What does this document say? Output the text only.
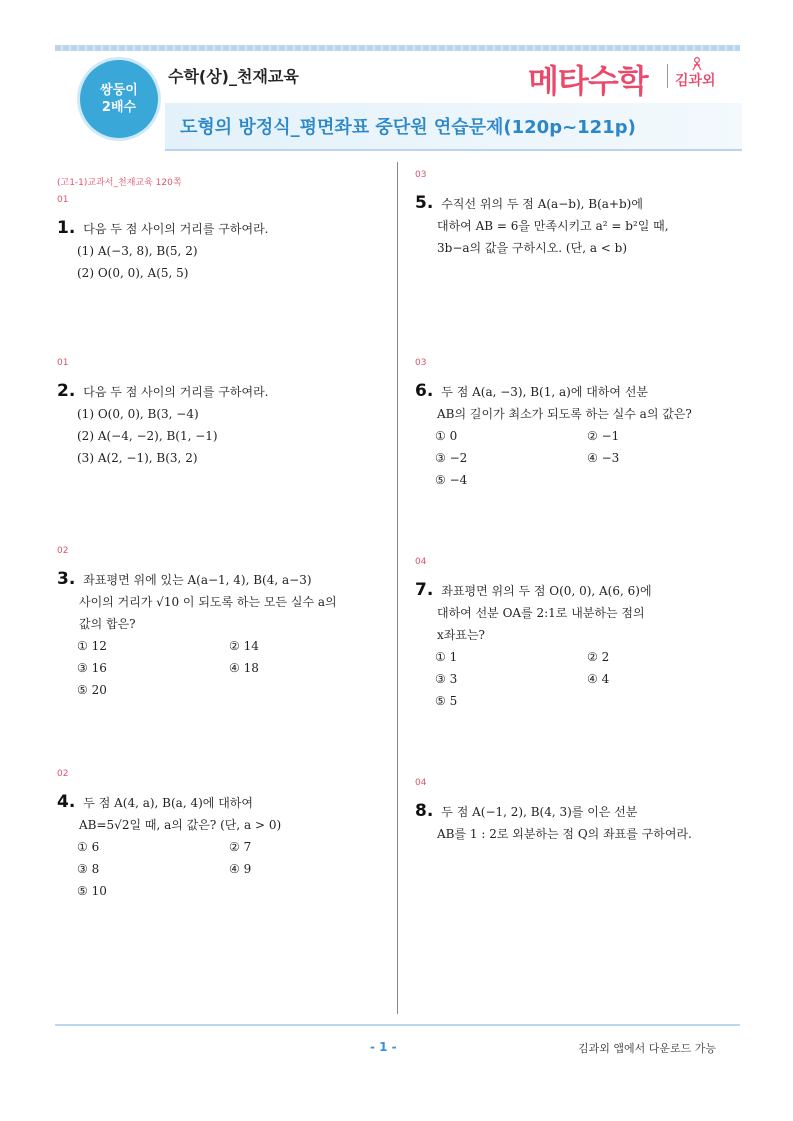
쌍둥이
2배수
수학(상)_천재교육	메타수학 김과외
도형의 방정식_평면좌표 중단원 연습문제(120p~121p)
(고1-1)교과서_천재교육 120쪽
01
1. 다음 두 점 사이의 거리를 구하여라.
(1) A(−3, 8), B(5, 2)
(2) O(0, 0), A(5, 5)
01
2. 다음 두 점 사이의 거리를 구하여라.
(1) O(0, 0), B(3, −4)
(2) A(−4, −2), B(1, −1)
(3) A(2, −1), B(3, 2)
02
3. 좌표평면 위에 있는 A(a−1, 4), B(4, a−3)
사이의 거리가 √10 이 되도록 하는 모든 실수 a의
값의 합은?
① 12	② 14
③ 16	④ 18
⑤ 20
02
4. 두 점 A(4, a), B(a, 4)에 대하여
AB=5√2일 때, a의 값은? (단, a > 0)
① 6	② 7
③ 8	④ 9
⑤ 10
03
5. 수직선 위의 두 점 A(a−b), B(a+b)에
대하여 AB = 6을 만족시키고 a² = b²일 때,
3b−a의 값을 구하시오. (단, a < b)
03
6. 두 점 A(a, −3), B(1, a)에 대하여 선분
AB의 길이가 최소가 되도록 하는 실수 a의 값은?
① 0	② −1
③ −2	④ −3
⑤ −4
04
7. 좌표평면 위의 두 점 O(0, 0), A(6, 6)에
대하여 선분 OA를 2:1로 내분하는 점의
x좌표는?
① 1	② 2
③ 3	④ 4
⑤ 5
04
8. 두 점 A(−1, 2), B(4, 3)를 이은 선분
AB를 1 : 2로 외분하는 점 Q의 좌표를 구하여라.
- 1 -	김과외 앱에서 다운로드 가능
